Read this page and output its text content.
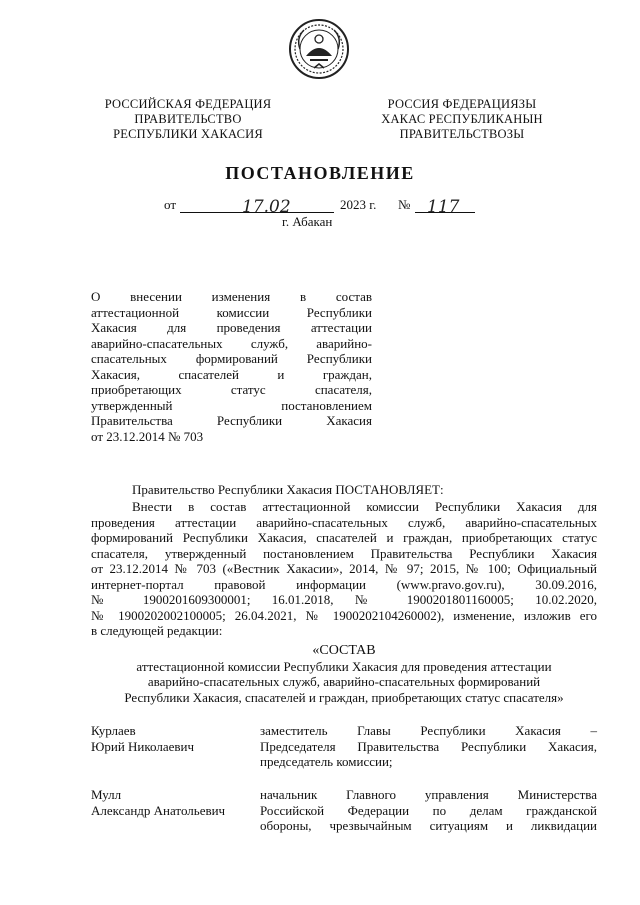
РОССИЙСКАЯ ФЕДЕРАЦИЯ
ПРАВИТЕЛЬСТВО
РЕСПУБЛИКИ ХАКАСИЯ
РОССИЯ ФЕДЕРАЦИЯЗЫ
ХАКАС РЕСПУБЛИКАНЫН
ПРАВИТЕЛЬСТВОЗЫ
ПОСТАНОВЛЕНИЕ
от	17.02	2023 г. № 117
г. Абакан
О внесении изменения в состав
аттестационной комиссии Республики
Хакасия для проведения аттестации
аварийно-спасательных служб, аварийно-
спасательных формирований Республики
Хакасия, спасателей и граждан,
приобретающих статус спасателя,
утвержденный постановлением
Правительства Республики Хакасия
от 23.12.2014 № 703
Правительство Республики Хакасия ПОСТАНОВЛЯЕТ:
Внести в состав аттестационной комиссии Республики Хакасия для
проведения аттестации аварийно-спасательных служб, аварийно-спасательных
формирований Республики Хакасия, спасателей и граждан, приобретающих статус
спасателя, утвержденный постановлением Правительства Республики Хакасия
от 23.12.2014 № 703 («Вестник Хакасии», 2014, № 97; 2015, № 100; Официальный
интернет-портал правовой информации (www.pravo.gov.ru), 30.09.2016,
№ 1900201609300001; 16.01.2018, № 1900201801160005; 10.02.2020,
№ 1900202002100005; 26.04.2021, № 1900202104260002), изменение, изложив его
в следующей редакции:
«СОСТАВ
аттестационной комиссии Республики Хакасия для проведения аттестации
аварийно-спасательных служб, аварийно-спасательных формирований
Республики Хакасия, спасателей и граждан, приобретающих статус спасателя»
Курлаев
Юрий Николаевич
заместитель Главы Республики Хакасия –
Председателя Правительства Республики Хакасия,
председатель комиссии;
Мулл
Александр Анатольевич
начальник Главного управления Министерства
Российской Федерации по делам гражданской
обороны, чрезвычайным ситуациям и ликвидации
